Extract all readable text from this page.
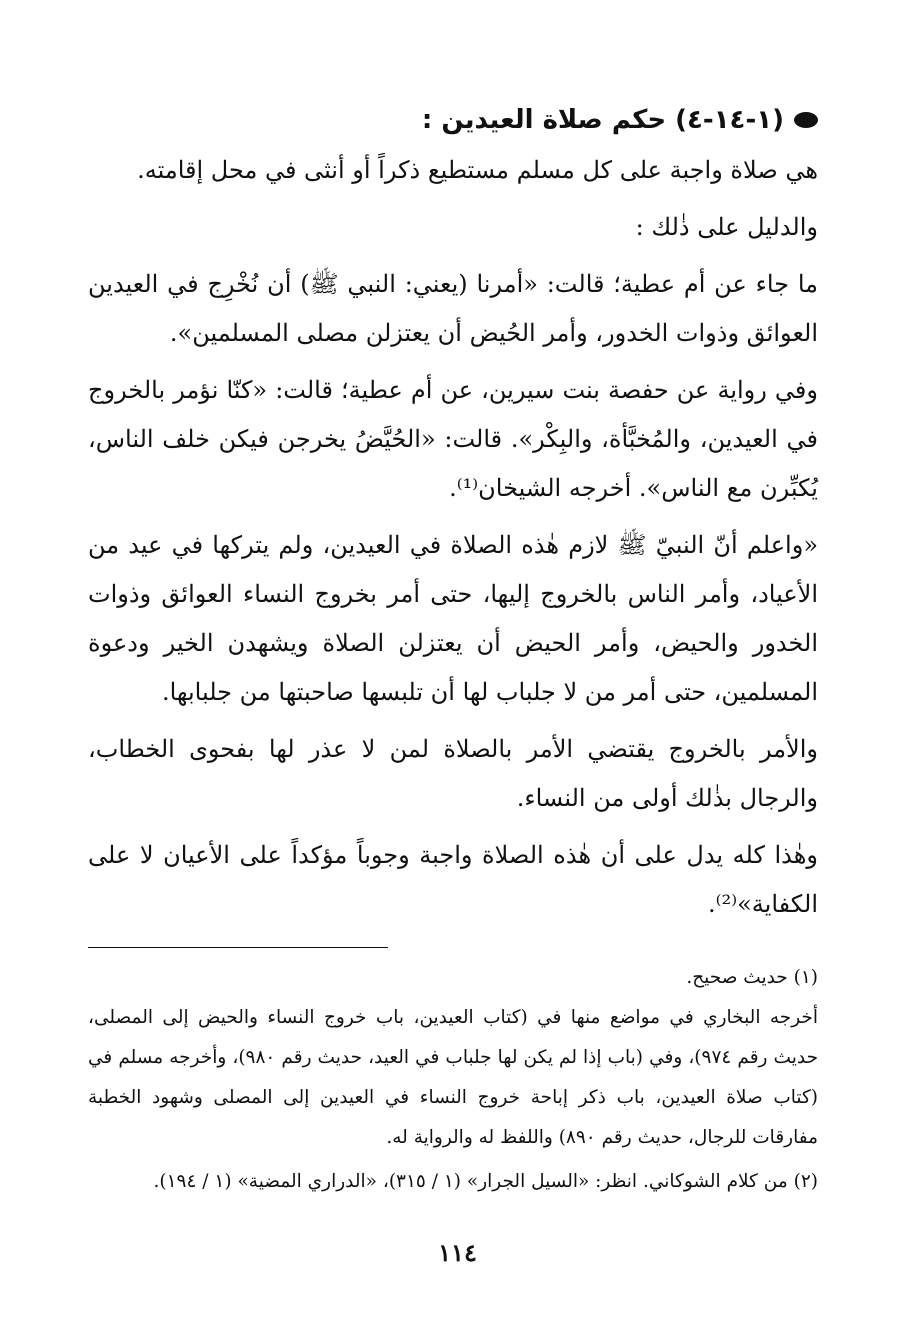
(١-١٤-٤) حكم صلاة العيدين :

هي صلاة واجبة على كل مسلم مستطيع ذكراً أو أنثى في محل إقامته.

والدليل على ذٰلك :

ما جاء عن أم عطية؛ قالت: «أمرنا (يعني: النبي ﷺ) أن نُخْرِج في العيدين العوائق وذوات الخدور، وأمر الحُيض أن يعتزلن مصلى المسلمين».

وفي رواية عن حفصة بنت سيرين، عن أم عطية؛ قالت: «كنّا نؤمر بالخروج في العيدين، والمُخبَّأة، والبِكْر». قالت: «الحُيَّضُ يخرجن فيكن خلف الناس، يُكبِّرن مع الناس». أخرجه الشيخان⁽¹⁾.

«واعلم أنّ النبيّ ﷺ لازم هٰذه الصلاة في العيدين، ولم يتركها في عيد من الأعياد، وأمر الناس بالخروج إليها، حتى أمر بخروج النساء العوائق وذوات الخدور والحيض، وأمر الحيض أن يعتزلن الصلاة ويشهدن الخير ودعوة المسلمين، حتى أمر من لا جلباب لها أن تلبسها صاحبتها من جلبابها.

والأمر بالخروج يقتضي الأمر بالصلاة لمن لا عذر لها بفحوى الخطاب، والرجال بذٰلك أولى من النساء.

وهٰذا كله يدل على أن هٰذه الصلاة واجبة وجوباً مؤكداً على الأعيان لا على الكفاية»⁽²⁾.

(١) حديث صحيح.

أخرجه البخاري في مواضع منها في (كتاب العيدين، باب خروج النساء والحيض إلى المصلى، حديث رقم ٩٧٤)، وفي (باب إذا لم يكن لها جلباب في العيد، حديث رقم ٩٨٠)، وأخرجه مسلم في (كتاب صلاة العيدين، باب ذكر إباحة خروج النساء في العيدين إلى المصلى وشهود الخطبة مفارقات للرجال، حديث رقم ٨٩٠) واللفظ له والرواية له.

(٢) من كلام الشوكاني. انظر: «السيل الجرار» (١ / ٣١٥)، «الدراري المضية» (١ / ١٩٤).

١١٤
